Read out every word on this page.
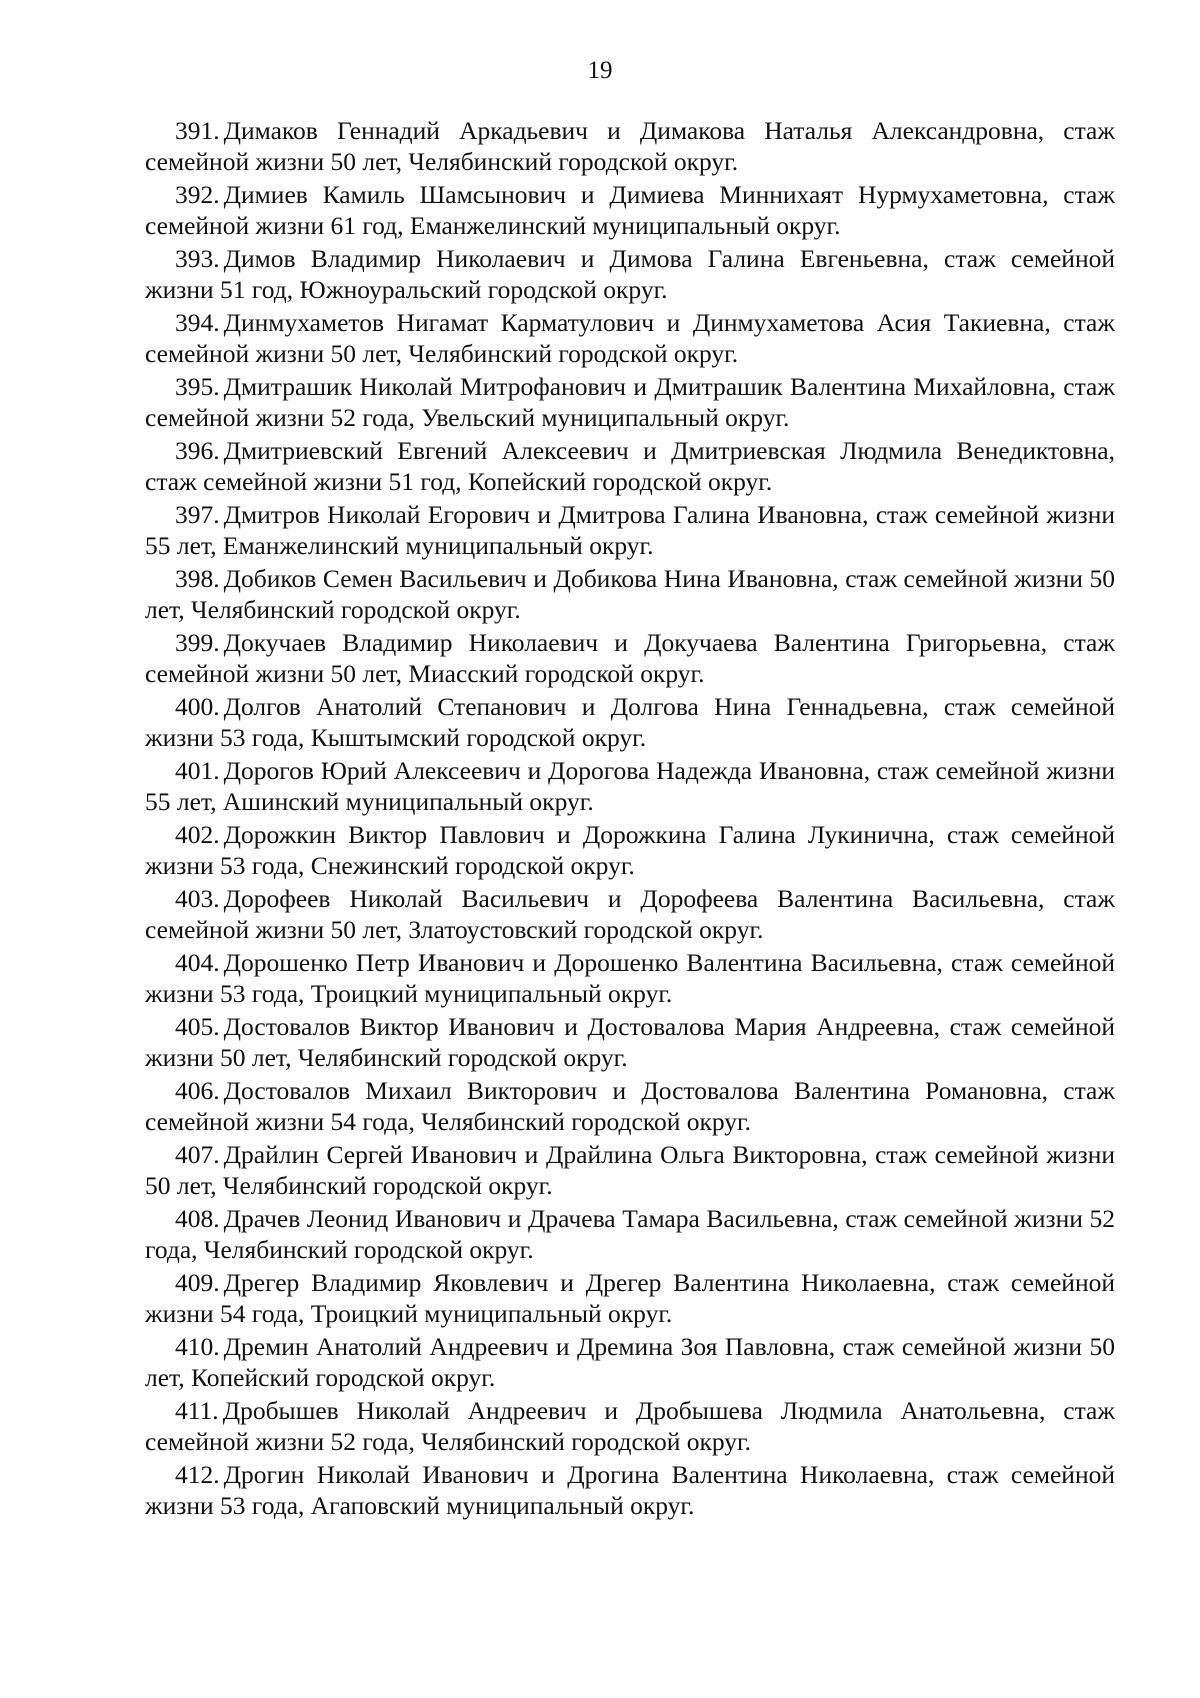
19

391. Димаков Геннадий Аркадьевич и Димакова Наталья Александровна, стаж семейной жизни 50 лет, Челябинский городской округ.

392. Димиев Камиль Шамсынович и Димиева Миннихаят Нурмухаметовна, стаж семейной жизни 61 год, Еманжелинский муниципальный округ.

393. Димов Владимир Николаевич и Димова Галина Евгеньевна, стаж семейной жизни 51 год, Южноуральский городской округ.

394. Динмухаметов Нигамат Карматулович и Динмухаметова Асия Такиевна, стаж семейной жизни 50 лет, Челябинский городской округ.

395. Дмитрашик Николай Митрофанович и Дмитрашик Валентина Михайловна, стаж семейной жизни 52 года, Увельский муниципальный округ.

396. Дмитриевский Евгений Алексеевич и Дмитриевская Людмила Венедиктовна, стаж семейной жизни 51 год, Копейский городской округ.

397. Дмитров Николай Егорович и Дмитрова Галина Ивановна, стаж семейной жизни 55 лет, Еманжелинский муниципальный округ.

398. Добиков Семен Васильевич и Добикова Нина Ивановна, стаж семейной жизни 50 лет, Челябинский городской округ.

399. Докучаев Владимир Николаевич и Докучаева Валентина Григорьевна, стаж семейной жизни 50 лет, Миасский городской округ.

400. Долгов Анатолий Степанович и Долгова Нина Геннадьевна, стаж семейной жизни 53 года, Кыштымский городской округ.

401. Дорогов Юрий Алексеевич и Дорогова Надежда Ивановна, стаж семейной жизни 55 лет, Ашинский муниципальный округ.

402. Дорожкин Виктор Павлович и Дорожкина Галина Лукинична, стаж семейной жизни 53 года, Снежинский городской округ.

403. Дорофеев Николай Васильевич и Дорофеева Валентина Васильевна, стаж семейной жизни 50 лет, Златоустовский городской округ.

404. Дорошенко Петр Иванович и Дорошенко Валентина Васильевна, стаж семейной жизни 53 года, Троицкий муниципальный округ.

405. Достовалов Виктор Иванович и Достовалова Мария Андреевна, стаж семейной жизни 50 лет, Челябинский городской округ.

406. Достовалов Михаил Викторович и Достовалова Валентина Романовна, стаж семейной жизни 54 года, Челябинский городской округ.

407. Драйлин Сергей Иванович и Драйлина Ольга Викторовна, стаж семейной жизни 50 лет, Челябинский городской округ.

408. Драчев Леонид Иванович и Драчева Тамара Васильевна, стаж семейной жизни 52 года, Челябинский городской округ.

409. Дрегер Владимир Яковлевич и Дрегер Валентина Николаевна, стаж семейной жизни 54 года, Троицкий муниципальный округ.

410. Дремин Анатолий Андреевич и Дремина Зоя Павловна, стаж семейной жизни 50 лет, Копейский городской округ.

411. Дробышев Николай Андреевич и Дробышева Людмила Анатольевна, стаж семейной жизни 52 года, Челябинский городской округ.

412. Дрогин Николай Иванович и Дрогина Валентина Николаевна, стаж семейной жизни 53 года, Агаповский муниципальный округ.
